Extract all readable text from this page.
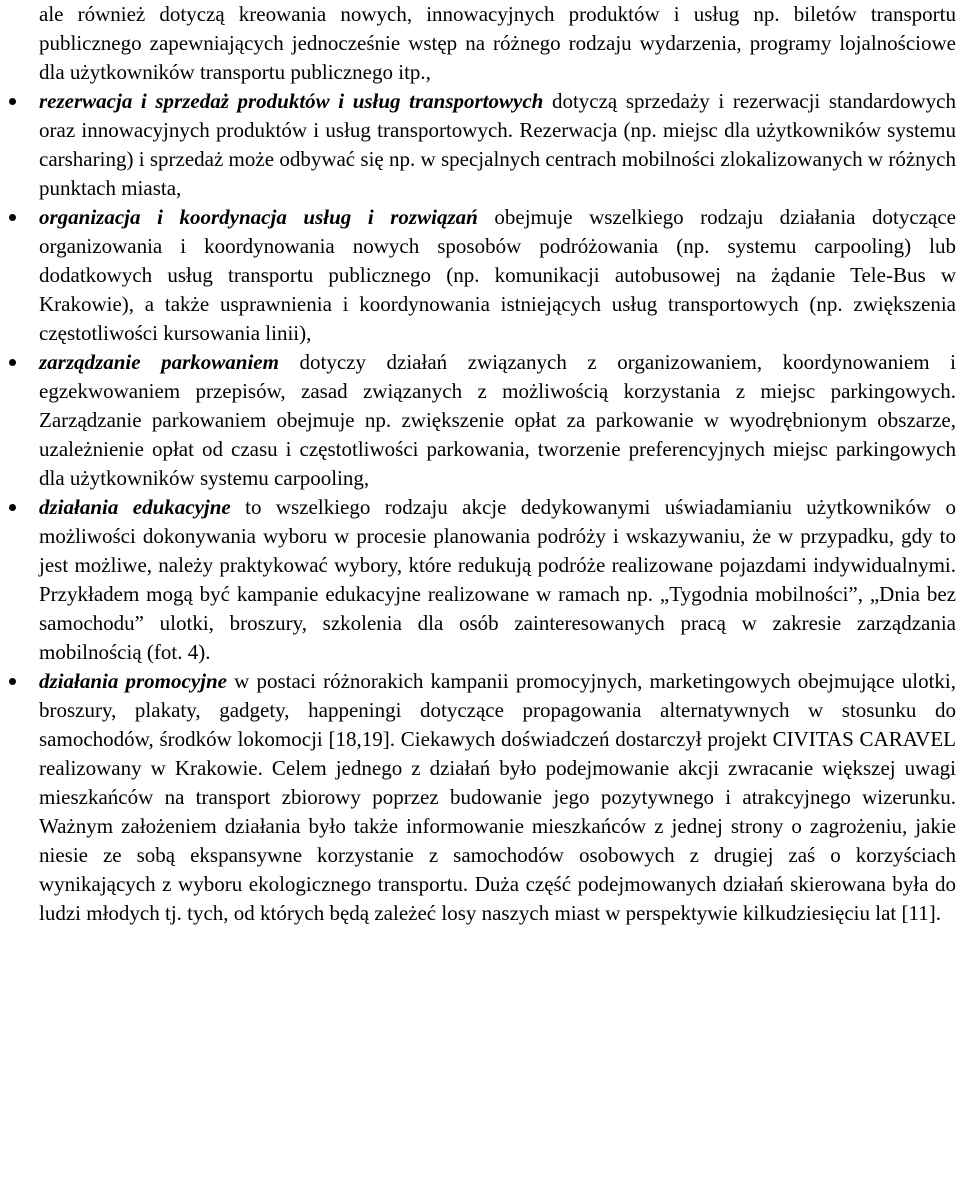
ale również dotyczą kreowania nowych, innowacyjnych produktów i usług np. biletów transportu publicznego zapewniających jednocześnie wstęp na różnego rodzaju wydarzenia, programy lojalnościowe dla użytkowników transportu publicznego itp.,

rezerwacja i sprzedaż produktów i usług transportowych dotyczą sprzedaży i rezerwacji standardowych oraz innowacyjnych produktów i usług transportowych. Rezerwacja (np. miejsc dla użytkowników systemu carsharing) i sprzedaż może odbywać się np. w specjalnych centrach mobilności zlokalizowanych w różnych punktach miasta,
organizacja i koordynacja usług i rozwiązań obejmuje wszelkiego rodzaju działania dotyczące organizowania i koordynowania nowych sposobów podróżowania (np. systemu carpooling) lub dodatkowych usług transportu publicznego (np. komunikacji autobusowej na żądanie Tele-Bus w Krakowie), a także usprawnienia i koordynowania istniejących usług transportowych (np. zwiększenia częstotliwości kursowania linii),
zarządzanie parkowaniem dotyczy działań związanych z organizowaniem, koordynowaniem i egzekwowaniem przepisów, zasad związanych z możliwością korzystania z miejsc parkingowych. Zarządzanie parkowaniem obejmuje np. zwiększenie opłat za parkowanie w wyodrębnionym obszarze, uzależnienie opłat od czasu i częstotliwości parkowania, tworzenie preferencyjnych miejsc parkingowych dla użytkowników systemu carpooling,
działania edukacyjne to wszelkiego rodzaju akcje dedykowanymi uświadamianiu użytkowników o możliwości dokonywania wyboru w procesie planowania podróży i wskazywaniu, że w przypadku, gdy to jest możliwe, należy praktykować wybory, które redukują podróże realizowane pojazdami indywidualnymi. Przykładem mogą być kampanie edukacyjne realizowane w ramach np. „Tygodnia mobilności”, „Dnia bez samochodu” ulotki, broszury, szkolenia dla osób zainteresowanych pracą w zakresie zarządzania mobilnością (fot. 4).
działania promocyjne w postaci różnorakich kampanii promocyjnych, marketingowych obejmujące ulotki, broszury, plakaty, gadgety, happeningi dotyczące propagowania alternatywnych w stosunku do samochodów, środków lokomocji [18,19]. Ciekawych doświadczeń dostarczył projekt CIVITAS CARAVEL realizowany w Krakowie. Celem jednego z działań było podejmowanie akcji zwracanie większej uwagi mieszkańców na transport zbiorowy poprzez budowanie jego pozytywnego i atrakcyjnego wizerunku. Ważnym założeniem działania było także informowanie mieszkańców z jednej strony o zagrożeniu, jakie niesie ze sobą ekspansywne korzystanie z samochodów osobowych z drugiej zaś o korzyściach wynikających z wyboru ekologicznego transportu. Duża część podejmowanych działań skierowana była do ludzi młodych tj. tych, od których będą zależeć losy naszych miast w perspektywie kilkudziesięciu lat [11].
